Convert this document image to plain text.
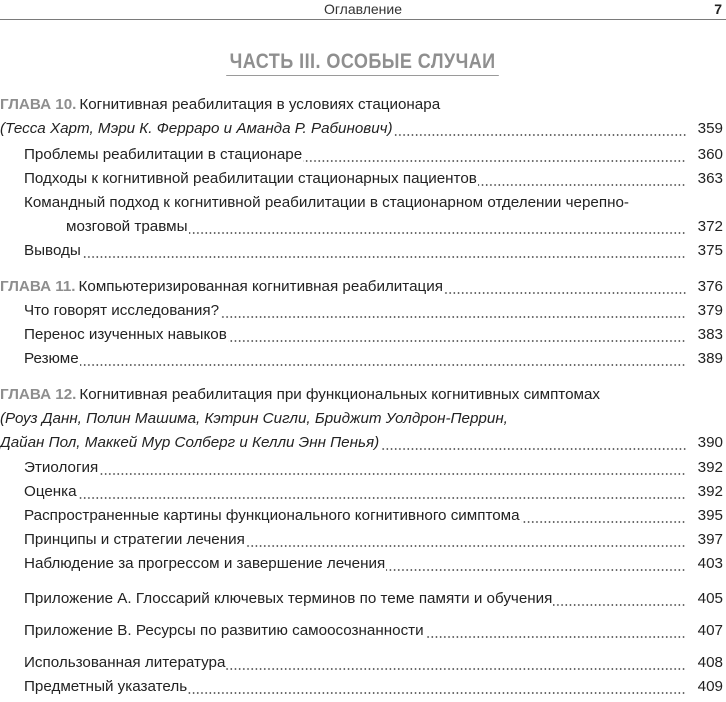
Оглавление	7
ЧАСТЬ III. ОСОБЫЕ СЛУЧАИ
ГЛАВА 10. Когнитивная реабилитация в условиях стационара
(Тесса Харт, Мэри К. Ферраро и Аманда Р. Рабинович)	359
Проблемы реабилитации в стационаре	360
Подходы к когнитивной реабилитации стационарных пациентов	363
Командный подход к когнитивной реабилитации в стационарном отделении черепно-
мозговой травмы	372
Выводы	375
ГЛАВА 11. Компьютеризированная когнитивная реабилитация	376
Что говорят исследования?	379
Перенос изученных навыков	383
Резюме	389
ГЛАВА 12. Когнитивная реабилитация при функциональных когнитивных симптомах
(Роуз Данн, Полин Машима, Кэтрин Сигли, Бриджит Уолдрон-Перрин,
Дайан Пол, Маккей Мур Солберг и Келли Энн Пенья)	390
Этиология	392
Оценка	392
Распространенные картины функционального когнитивного симптома	395
Принципы и стратегии лечения	397
Наблюдение за прогрессом и завершение лечения	403
Приложение А. Глоссарий ключевых терминов по теме памяти и обучения	405
Приложение В. Ресурсы по развитию самоосознанности	407
Использованная литература	408
Предметный указатель	409
